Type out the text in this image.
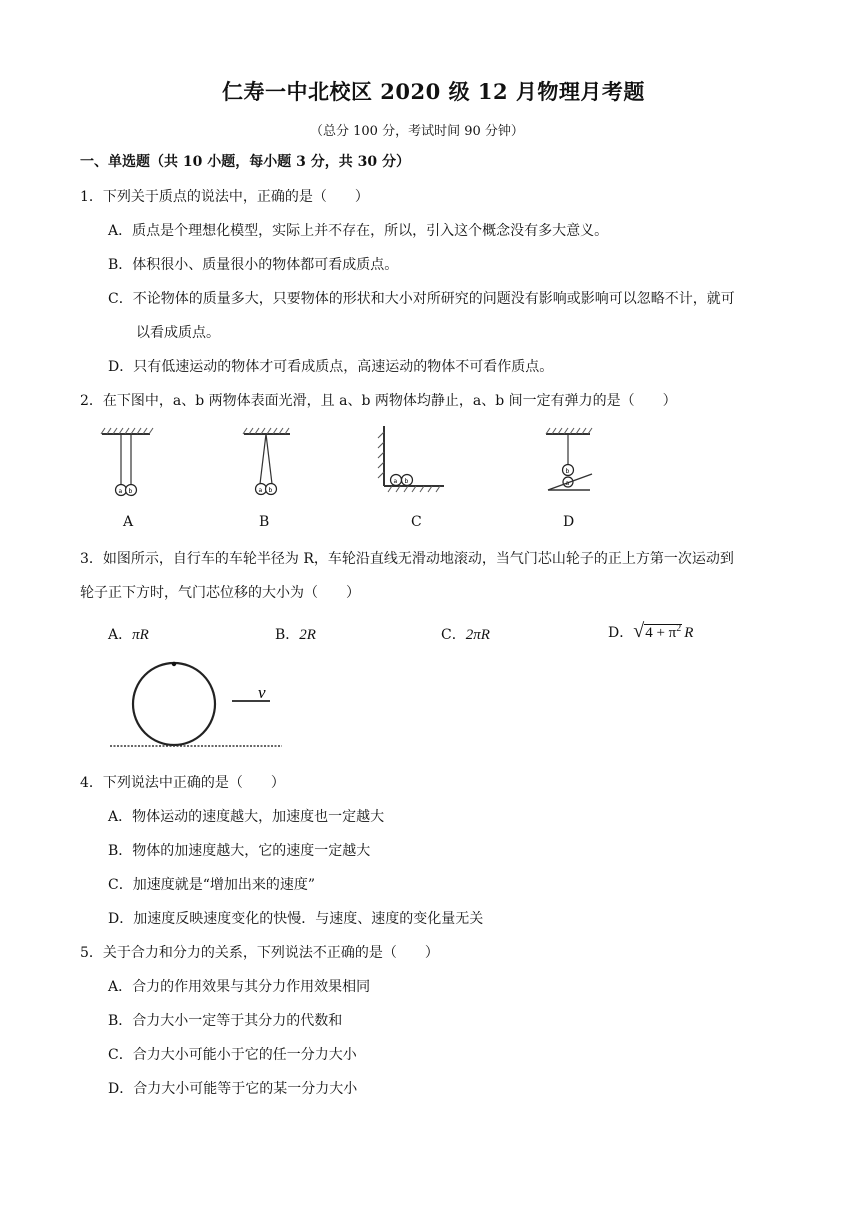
仁寿一中北校区 2020 级 12 月物理月考题
（总分 100 分，考试时间 90 分钟）
一、单选题（共 10 小题，每小题 3 分，共 30 分）
1．下列关于质点的说法中，正确的是（　　）
A．质点是个理想化模型，实际上并不存在，所以，引入这个概念没有多大意义。
B．体积很小、质量很小的物体都可看成质点。
C．不论物体的质量多大，只要物体的形状和大小对所研究的问题没有影响或影响可以忽略不计，就可
以看成质点。
D．只有低速运动的物体才可看成质点，高速运动的物体不可看作质点。
2．在下图中，a、b 两物体表面光滑，且 a、b 两物体均静止，a、b 间一定有弹力的是（　　）
a b	a b
a b
b
a
A	B	C	D
3．如图所示，自行车的车轮半径为 R，车轮沿直线无滑动地滚动，当气门芯山轮子的正上方第一次运动到
轮子正下方时，气门芯位移的大小为（　　）
A．πR	B．2R	C．2πR	D．$√4 + \pi^2$ R
v
4．下列说法中正确的是（　　）
A．物体运动的速度越大，加速度也一定越大
B．物体的加速度越大，它的速度一定越大
C．加速度就是“增加出来的速度”
D．加速度反映速度变化的快慢．与速度、速度的变化量无关
5．关于合力和分力的关系，下列说法不正确的是（　　）
A．合力的作用效果与其分力作用效果相同
B．合力大小一定等于其分力的代数和
C．合力大小可能小于它的任一分力大小
D．合力大小可能等于它的某一分力大小
